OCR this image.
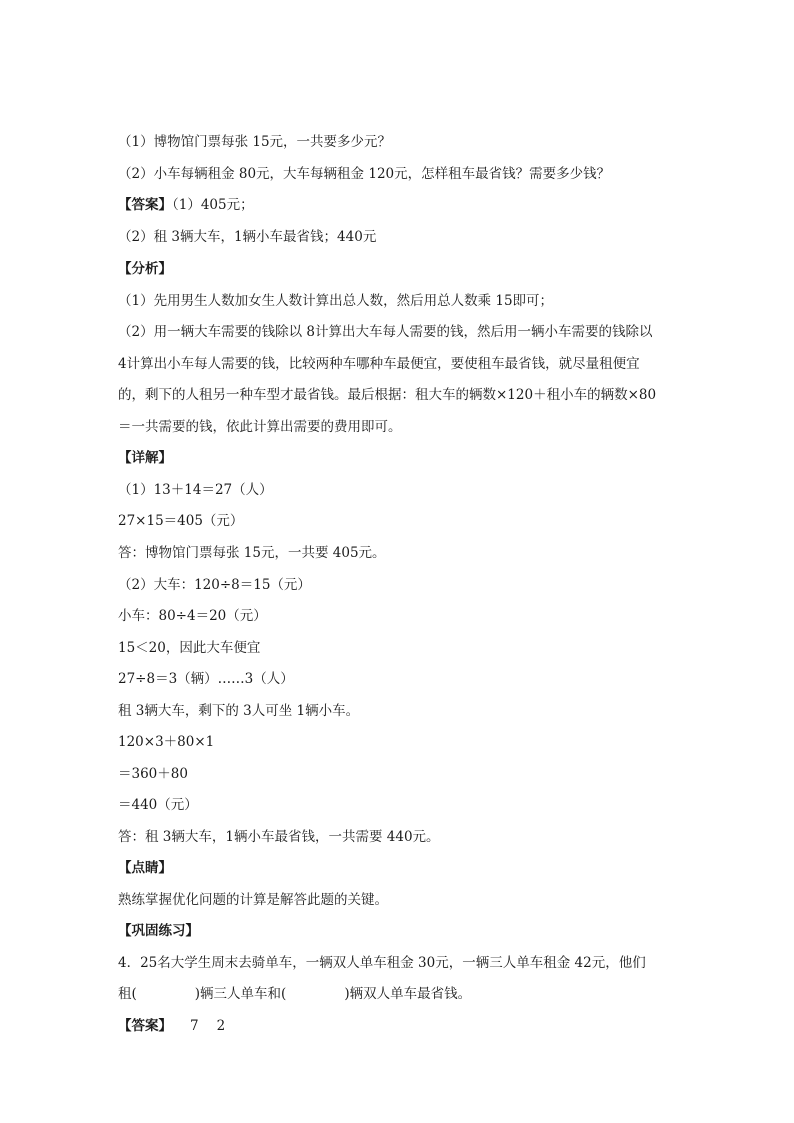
（1）博物馆门票每张 15元，一共要多少元？
（2）小车每辆租金 80元，大车每辆租金 120元，怎样租车最省钱？需要多少钱？
【答案】（1）405元；
（2）租 3辆大车，1辆小车最省钱；440元
【分析】
（1）先用男生人数加女生人数计算出总人数，然后用总人数乘 15即可；
（2）用一辆大车需要的钱除以 8计算出大车每人需要的钱，然后用一辆小车需要的钱除以
4计算出小车每人需要的钱，比较两种车哪种车最便宜，要使租车最省钱，就尽量租便宜
的，剩下的人租另一种车型才最省钱。最后根据：租大车的辆数×120＋租小车的辆数×80
＝一共需要的钱，依此计算出需要的费用即可。
【详解】
（1）13＋14＝27（人）
27×15＝405（元）
答：博物馆门票每张 15元，一共要 405元。
（2）大车：120÷8＝15（元）
小车：80÷4＝20（元）
15＜20，因此大车便宜
27÷8＝3（辆）……3（人）
租 3辆大车，剩下的 3人可坐 1辆小车。
120×3＋80×1
＝360＋80
＝440（元）
答：租 3辆大车，1辆小车最省钱，一共需要 440元。
【点睛】
熟练掌握优化问题的计算是解答此题的关键。
【巩固练习】
4．25名大学生周末去骑单车，一辆双人单车租金 30元，一辆三人单车租金 42元，他们
租(	)辆三人单车和(	)辆双人单车最省钱。
【答案】 7 2
